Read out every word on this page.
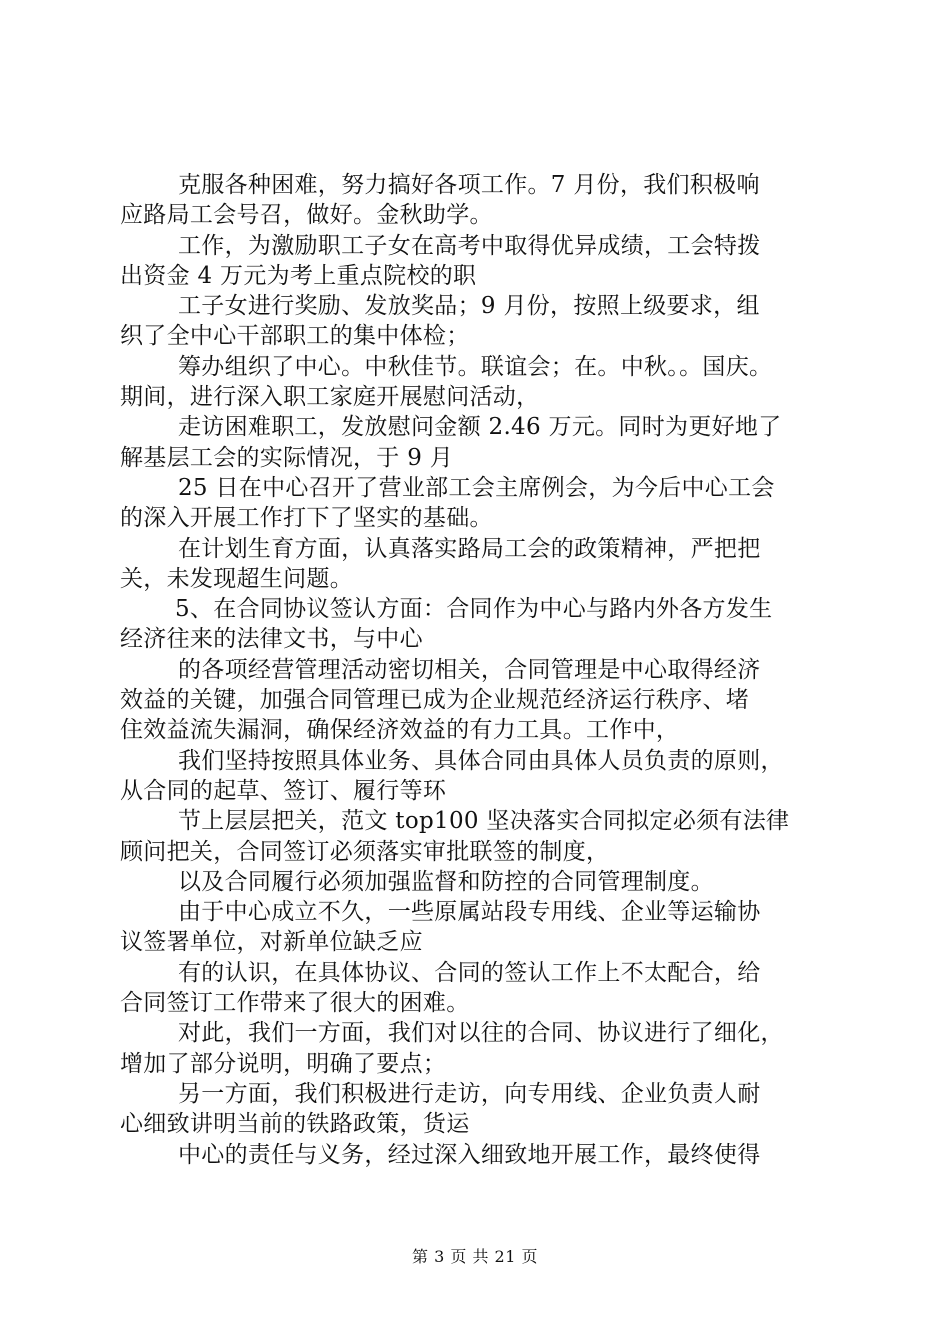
克服各种困难，努力搞好各项工作。7 月份，我们积极响
应路局工会号召，做好。金秋助学。
工作，为激励职工子女在高考中取得优异成绩，工会特拨
出资金 4 万元为考上重点院校的职
工子女进行奖励、发放奖品；9 月份，按照上级要求，组
织了全中心干部职工的集中体检；
筹办组织了中心。中秋佳节。联谊会；在。中秋。。国庆。
期间，进行深入职工家庭开展慰问活动，
走访困难职工，发放慰问金额 2.46 万元。同时为更好地了
解基层工会的实际情况，于 9 月
25 日在中心召开了营业部工会主席例会，为今后中心工会
的深入开展工作打下了坚实的基础。
在计划生育方面，认真落实路局工会的政策精神，严把把
关，未发现超生问题。
5、在合同协议签认方面：合同作为中心与路内外各方发生
经济往来的法律文书，与中心
的各项经营管理活动密切相关，合同管理是中心取得经济
效益的关键，加强合同管理已成为企业规范经济运行秩序、堵
住效益流失漏洞，确保经济效益的有力工具。工作中，
我们坚持按照具体业务、具体合同由具体人员负责的原则，
从合同的起草、签订、履行等环
节上层层把关，范文 top100 坚决落实合同拟定必须有法律
顾问把关，合同签订必须落实审批联签的制度，
以及合同履行必须加强监督和防控的合同管理制度。
由于中心成立不久，一些原属站段专用线、企业等运输协
议签署单位，对新单位缺乏应
有的认识，在具体协议、合同的签认工作上不太配合，给
合同签订工作带来了很大的困难。
对此，我们一方面，我们对以往的合同、协议进行了细化，
增加了部分说明，明确了要点；
另一方面，我们积极进行走访，向专用线、企业负责人耐
心细致讲明当前的铁路政策，货运
中心的责任与义务，经过深入细致地开展工作，最终使得
第 3 页 共 21 页
